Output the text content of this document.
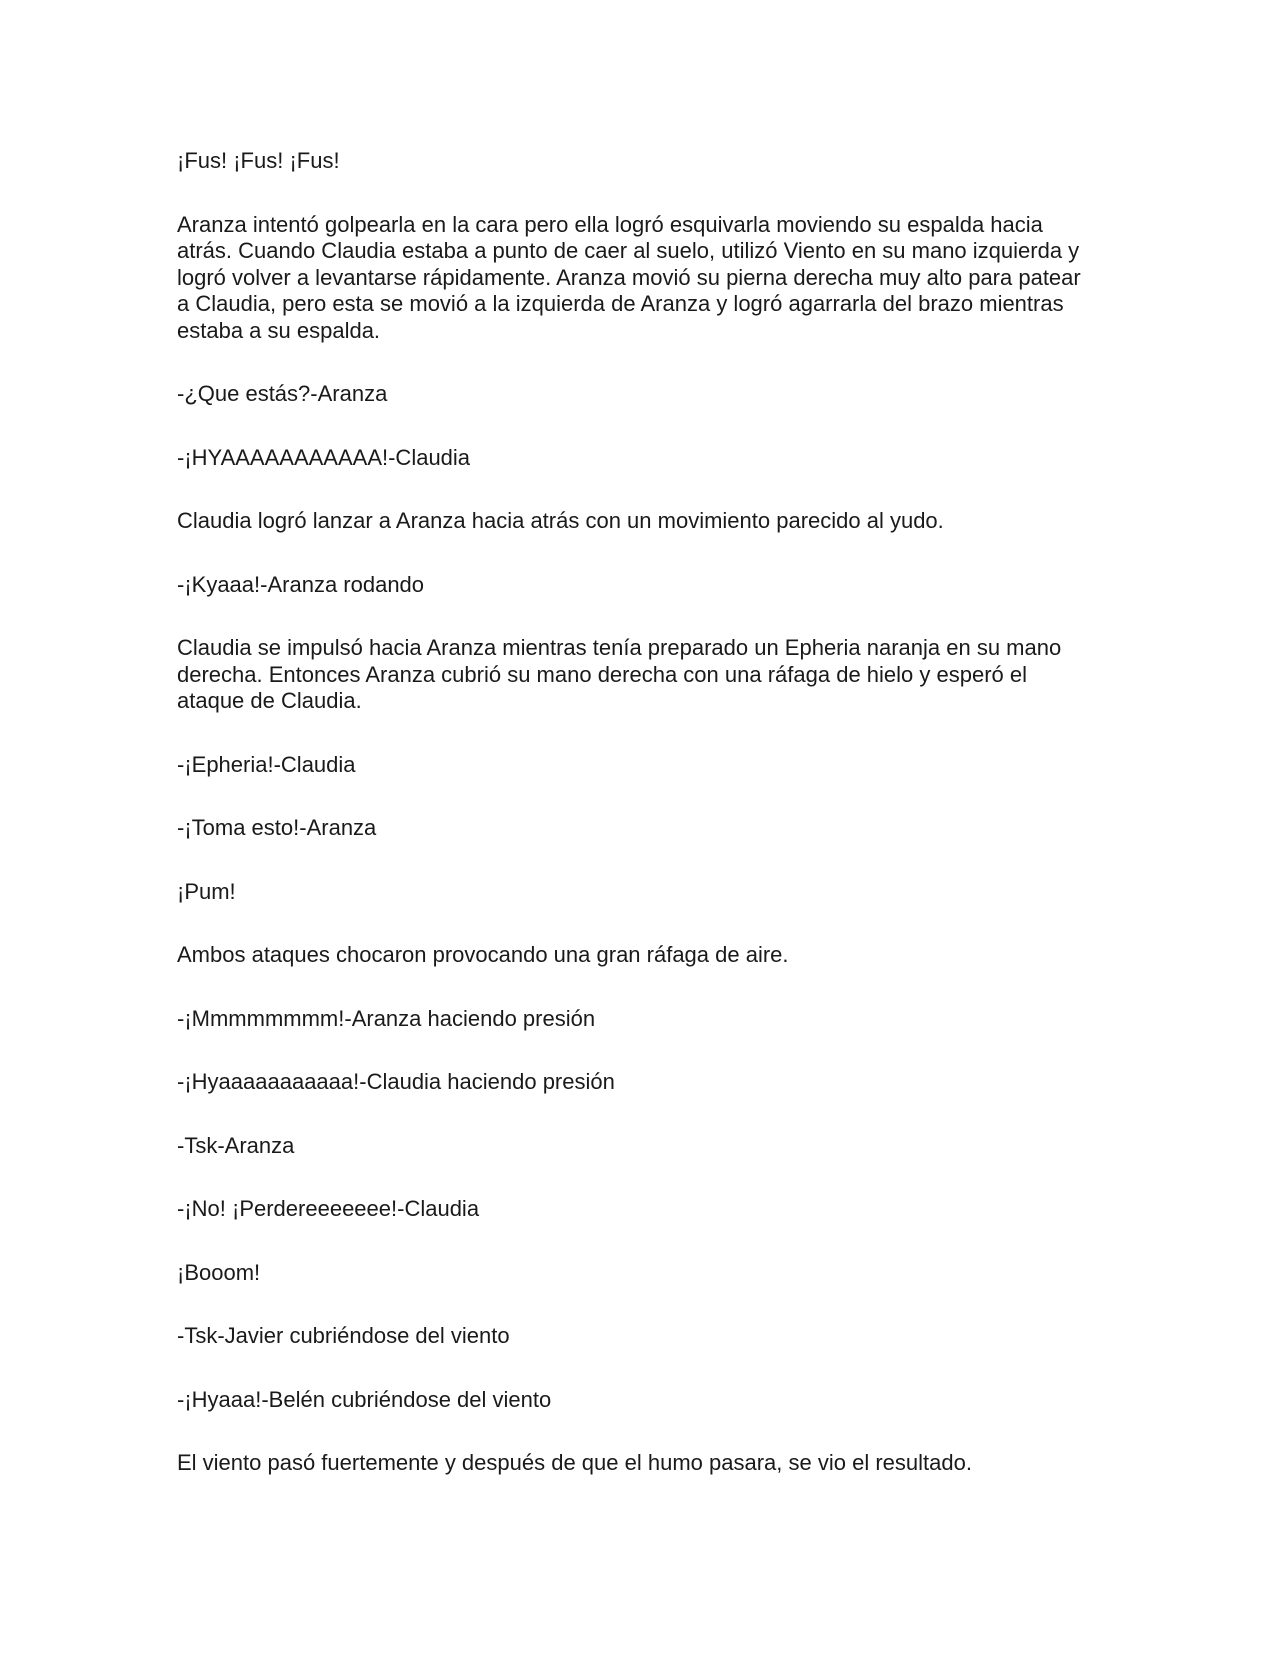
¡Fus! ¡Fus! ¡Fus!

Aranza intentó golpearla en la cara pero ella logró esquivarla moviendo su espalda hacia atrás. Cuando Claudia estaba a punto de caer al suelo, utilizó Viento en su mano izquierda y logró volver a levantarse rápidamente. Aranza movió su pierna derecha muy alto para patear a Claudia, pero esta se movió a la izquierda de Aranza y logró agarrarla del brazo mientras estaba a su espalda.

-¿Que estás?-Aranza

-¡HYAAAAAAAAAAA!-Claudia

Claudia logró lanzar a Aranza hacia atrás con un movimiento parecido al yudo.

-¡Kyaaa!-Aranza rodando

Claudia se impulsó hacia Aranza mientras tenía preparado un Epheria naranja en su mano derecha. Entonces Aranza cubrió su mano derecha con una ráfaga de hielo y esperó el ataque de Claudia.

-¡Epheria!-Claudia

-¡Toma esto!-Aranza

¡Pum!

Ambos ataques chocaron provocando una gran ráfaga de aire.

-¡Mmmmmmmm!-Aranza haciendo presión

-¡Hyaaaaaaaaaaa!-Claudia haciendo presión

-Tsk-Aranza

-¡No! ¡Perdereeeeeee!-Claudia

¡Booom!

-Tsk-Javier cubriéndose del viento

-¡Hyaaa!-Belén cubriéndose del viento

El viento pasó fuertemente y después de que el humo pasara, se vio el resultado.
